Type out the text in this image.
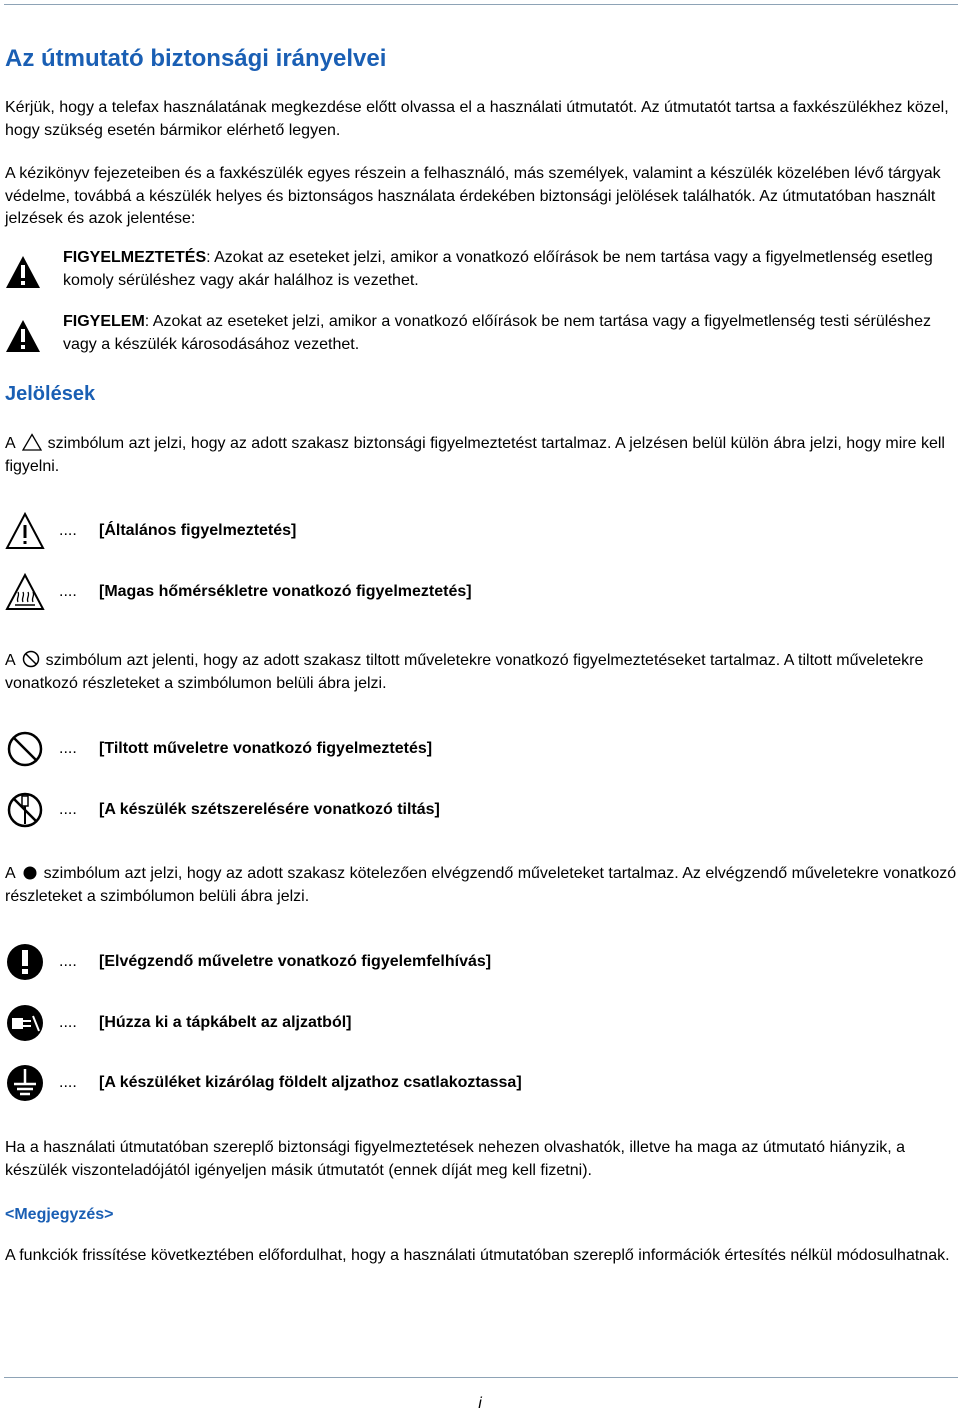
Az útmutató biztonsági irányelvei

Kérjük, hogy a telefax használatának megkezdése előtt olvassa el a használati útmutatót. Az útmutatót tartsa a faxkészülékhez közel, hogy szükség esetén bármikor elérhető legyen.

A kézikönyv fejezeteiben és a faxkészülék egyes részein a felhasználó, más személyek, valamint a készülék közelében lévő tárgyak védelme, továbbá a készülék helyes és biztonságos használata érdekében biztonsági jelölések találhatók. Az útmutatóban használt jelzések és azok jelentése:

FIGYELMEZTETÉS: Azokat az eseteket jelzi, amikor a vonatkozó előírások be nem tartása vagy a figyelmetlenség esetleg komoly sérüléshez vagy akár halálhoz is vezethet.
FIGYELEM: Azokat az eseteket jelzi, amikor a vonatkozó előírások be nem tartása vagy a figyelmetlenség testi sérüléshez vagy a készülék károsodásához vezethet.
Jelölések

A szimbólum azt jelzi, hogy az adott szakasz biztonsági figyelmeztetést tartalmaz. A jelzésen belül külön ábra jelzi, hogy mire kell figyelni.

.... [Általános figyelmeztetés]
.... [Magas hőmérsékletre vonatkozó figyelmeztetés]

A szimbólum azt jelenti, hogy az adott szakasz tiltott műveletekre vonatkozó figyelmeztetéseket tartalmaz. A tiltott műveletekre vonatkozó részleteket a szimbólumon belüli ábra jelzi.

.... [Tiltott műveletre vonatkozó figyelmeztetés]
.... [A készülék szétszerelésére vonatkozó tiltás]

A szimbólum azt jelzi, hogy az adott szakasz kötelezően elvégzendő műveleteket tartalmaz. Az elvégzendő műveletekre vonatkozó részleteket a szimbólumon belüli ábra jelzi.

.... [Elvégzendő műveletre vonatkozó figyelemfelhívás]
.... [Húzza ki a tápkábelt az aljzatból]
.... [A készüléket kizárólag földelt aljzathoz csatlakoztassa]

Ha a használati útmutatóban szereplő biztonsági figyelmeztetések nehezen olvashatók, illetve ha maga az útmutató hiányzik, a készülék viszonteladójától igényeljen másik útmutatót (ennek díját meg kell fizetni).

<Megjegyzés>

A funkciók frissítése következtében előfordulhat, hogy a használati útmutatóban szereplő információk értesítés nélkül módosulhatnak.

i
